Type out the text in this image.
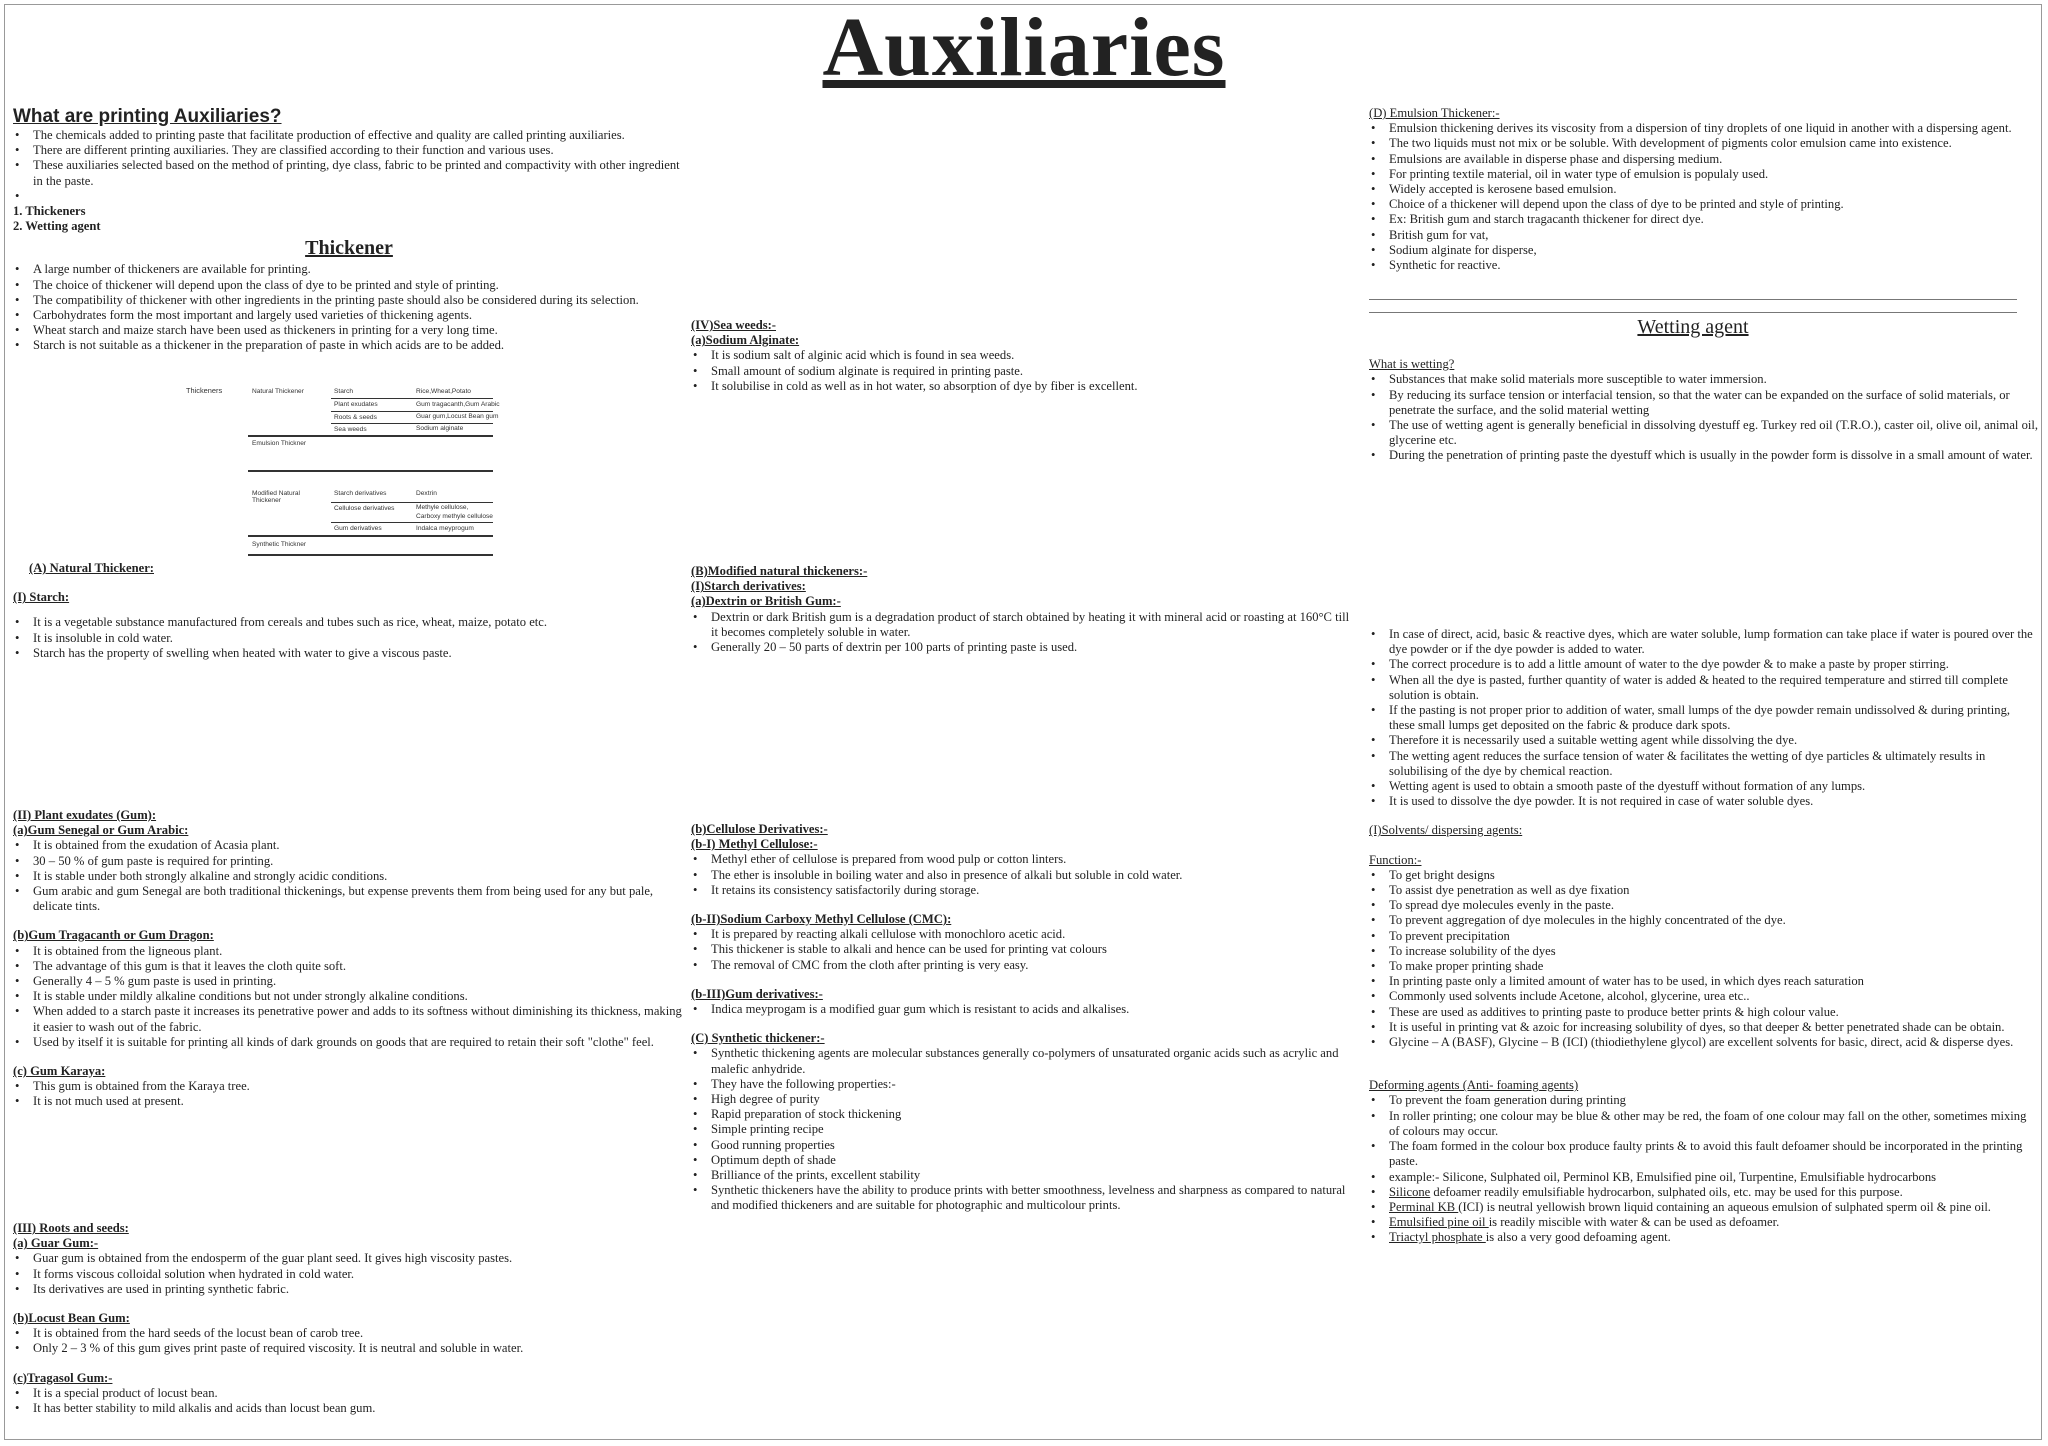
Auxiliaries
What are printing Auxiliaries?
• The chemicals added to printing paste that facilitate production of effective and quality are called printing auxiliaries.
• There are different printing auxiliaries. They are classified according to their function and various uses.
• These auxiliaries selected based on the method of printing, dye class, fabric to be printed and compactivity with other ingredient in the paste.
•
1. Thickeners
2. Wetting agent
Thickener
• A large number of thickeners are available for printing.
• The choice of thickener will depend upon the class of dye to be printed and style of printing.
• The compatibility of thickener with other ingredients in the printing paste should also be considered during its selection.
• Carbohydrates form the most important and largely used varieties of thickening agents.
• Wheat starch and maize starch have been used as thickeners in printing for a very long time.
• Starch is not suitable as a thickener in the preparation of paste in which acids are to be added.
Thickeners	Natural Thickener	Starch	Rice,Wheat,Potato
Plant exudates	Gum tragacanth,Gum Arabic
Roots & seeds	Guar gum,Locust Bean gum
Sea weeds	Sodium alginate
Emulsion Thickner
Modified Natural Thickener
Starch derivatives	Dextrin
Cellulose derivatives	Methyle cellulose,
Carboxy methyle cellulose
Gum derivatives	Indalca meyprogum
Synthetic Thickner
(A) Natural Thickener:
(I) Starch:
• It is a vegetable substance manufactured from cereals and tubes such as rice, wheat, maize, potato etc.
• It is insoluble in cold water.
• Starch has the property of swelling when heated with water to give a viscous paste.
(II) Plant exudates (Gum):
(a)Gum Senegal or Gum Arabic:
• It is obtained from the exudation of Acasia plant.
• 30 – 50 % of gum paste is required for printing.
• It is stable under both strongly alkaline and strongly acidic conditions.
• Gum arabic and gum Senegal are both traditional thickenings, but expense prevents them from being used for any but pale, delicate tints.
(b)Gum Tragacanth or Gum Dragon:
• It is obtained from the ligneous plant.
• The advantage of this gum is that it leaves the cloth quite soft.
• Generally 4 – 5 % gum paste is used in printing.
• It is stable under mildly alkaline conditions but not under strongly alkaline conditions.
• When added to a starch paste it increases its penetrative power and adds to its softness without diminishing its thickness, making it easier to wash out of the fabric.
• Used by itself it is suitable for printing all kinds of dark grounds on goods that are required to retain their soft "clothe" feel.
(c) Gum Karaya:
• This gum is obtained from the Karaya tree.
• It is not much used at present.
(III) Roots and seeds:
(a) Guar Gum:-
• Guar gum is obtained from the endosperm of the guar plant seed. It gives high viscosity pastes.
• It forms viscous colloidal solution when hydrated in cold water.
• Its derivatives are used in printing synthetic fabric.
(b)Locust Bean Gum:
• It is obtained from the hard seeds of the locust bean of carob tree.
• Only 2 – 3 % of this gum gives print paste of required viscosity. It is neutral and soluble in water.
(c)Tragasol Gum:-
• It is a special product of locust bean.
• It has better stability to mild alkalis and acids than locust bean gum.
(IV)Sea weeds:-
(a)Sodium Alginate:
• It is sodium salt of alginic acid which is found in sea weeds.
• Small amount of sodium alginate is required in printing paste.
• It solubilise in cold as well as in hot water, so absorption of dye by fiber is excellent.
(B)Modified natural thickeners:-
(I)Starch derivatives:
(a)Dextrin or British Gum:-
• Dextrin or dark British gum is a degradation product of starch obtained by heating it with mineral acid or roasting at 160°C till it becomes completely soluble in water.
• Generally 20 – 50 parts of dextrin per 100 parts of printing paste is used.
(b)Cellulose Derivatives:-
(b-I) Methyl Cellulose:-
• Methyl ether of cellulose is prepared from wood pulp or cotton linters.
• The ether is insoluble in boiling water and also in presence of alkali but soluble in cold water.
• It retains its consistency satisfactorily during storage.
(b-II)Sodium Carboxy Methyl Cellulose (CMC):
• It is prepared by reacting alkali cellulose with monochloro acetic acid.
• This thickener is stable to alkali and hence can be used for printing vat colours
• The removal of CMC from the cloth after printing is very easy.
(b-III)Gum derivatives:-
• Indica meyprogam is a modified guar gum which is resistant to acids and alkalises.
(C) Synthetic thickener:-
• Synthetic thickening agents are molecular substances generally co-polymers of unsaturated organic acids such as acrylic and malefic anhydride.
• They have the following properties:-
• High degree of purity
• Rapid preparation of stock thickening
• Simple printing recipe
• Good running properties
• Optimum depth of shade
• Brilliance of the prints, excellent stability
• Synthetic thickeners have the ability to produce prints with better smoothness, levelness and sharpness as compared to natural and modified thickeners and are suitable for photographic and multicolour prints.
(D) Emulsion Thickener:-
• Emulsion thickening derives its viscosity from a dispersion of tiny droplets of one liquid in another with a dispersing agent.
• The two liquids must not mix or be soluble. With development of pigments color emulsion came into existence.
• Emulsions are available in disperse phase and dispersing medium.
• For printing textile material, oil in water type of emulsion is populaly used.
• Widely accepted is kerosene based emulsion.
• Choice of a thickener will depend upon the class of dye to be printed and style of printing.
• Ex: British gum and starch tragacanth thickener for direct dye.
• British gum for vat,
• Sodium alginate for disperse,
• Synthetic for reactive.
Wetting agent
What is wetting?
• Substances that make solid materials more susceptible to water immersion.
• By reducing its surface tension or interfacial tension, so that the water can be expanded on the surface of solid materials, or penetrate the surface, and the solid material wetting
• The use of wetting agent is generally beneficial in dissolving dyestuff eg. Turkey red oil (T.R.O.), caster oil, olive oil, animal oil, glycerine etc.
• During the penetration of printing paste the dyestuff which is usually in the powder form is dissolve in a small amount of water.
• In case of direct, acid, basic & reactive dyes, which are water soluble, lump formation can take place if water is poured over the dye powder or if the dye powder is added to water.
• The correct procedure is to add a little amount of water to the dye powder & to make a paste by proper stirring.
• When all the dye is pasted, further quantity of water is added & heated to the required temperature and stirred till complete solution is obtain.
• If the pasting is not proper prior to addition of water, small lumps of the dye powder remain undissolved & during printing, these small lumps get deposited on the fabric & produce dark spots.
• Therefore it is necessarily used a suitable wetting agent while dissolving the dye.
• The wetting agent reduces the surface tension of water & facilitates the wetting of dye particles & ultimately results in solubilising of the dye by chemical reaction.
• Wetting agent is used to obtain a smooth paste of the dyestuff without formation of any lumps.
• It is used to dissolve the dye powder. It is not required in case of water soluble dyes.
(I)Solvents/ dispersing agents:
Function:-
• To get bright designs
• To assist dye penetration as well as dye fixation
• To spread dye molecules evenly in the paste.
• To prevent aggregation of dye molecules in the highly concentrated of the dye.
• To prevent precipitation
• To increase solubility of the dyes
• To make proper printing shade
• In printing paste only a limited amount of water has to be used, in which dyes reach saturation
• Commonly used solvents include Acetone, alcohol, glycerine, urea etc..
• These are used as additives to printing paste to produce better prints & high colour value.
• It is useful in printing vat & azoic for increasing solubility of dyes, so that deeper & better penetrated shade can be obtain.
• Glycine – A (BASF), Glycine – B (ICI) (thiodiethylene glycol) are excellent solvents for basic, direct, acid & disperse dyes.
Deforming agents (Anti- foaming agents)
• To prevent the foam generation during printing
• In roller printing; one colour may be blue & other may be red, the foam of one colour may fall on the other, sometimes mixing of colours may occur.
• The foam formed in the colour box produce faulty prints & to avoid this fault defoamer should be incorporated in the printing paste.
• example:- Silicone, Sulphated oil, Perminol KB, Emulsified pine oil, Turpentine, Emulsifiable hydrocarbons
• Silicone defoamer readily emulsifiable hydrocarbon, sulphated oils, etc. may be used for this purpose.
• Perminal KB (ICI) is neutral yellowish brown liquid containing an aqueous emulsion of sulphated sperm oil & pine oil.
• Emulsified pine oil is readily miscible with water & can be used as defoamer.
• Triactyl phosphate is also a very good defoaming agent.
